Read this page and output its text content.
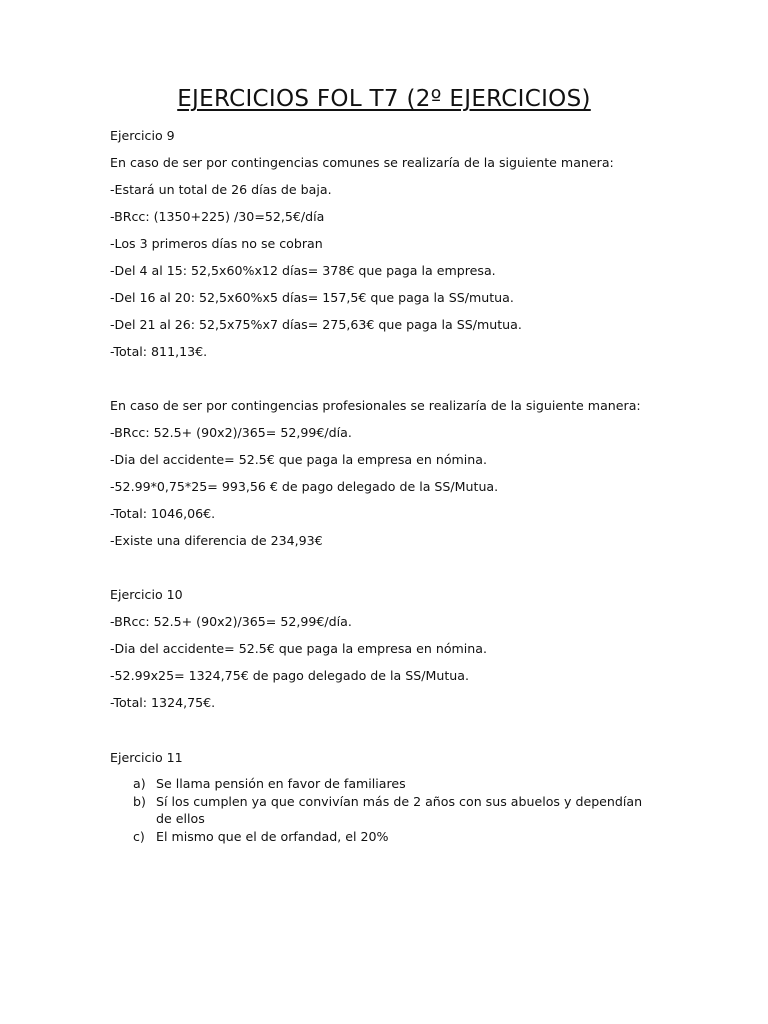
EJERCICIOS FOL T7 (2º EJERCICIOS)
Ejercicio 9
En caso de ser por contingencias comunes se realizaría de la siguiente manera:
-Estará un total de 26 días de baja.
-BRcc: (1350+225) /30=52,5€/día
-Los 3 primeros días no se cobran
-Del 4 al 15: 52,5x60%x12 días= 378€ que paga la empresa.
-Del 16 al 20: 52,5x60%x5 días= 157,5€ que paga la SS/mutua.
-Del 21 al 26: 52,5x75%x7 días= 275,63€ que paga la SS/mutua.
-Total: 811,13€.
En caso de ser por contingencias profesionales se realizaría de la siguiente manera:
-BRcc: 52.5+ (90x2)/365= 52,99€/día.
-Dia del accidente= 52.5€ que paga la empresa en nómina.
-52.99*0,75*25= 993,56 € de pago delegado de la SS/Mutua.
-Total: 1046,06€.
-Existe una diferencia de 234,93€
Ejercicio 10
-BRcc: 52.5+ (90x2)/365= 52,99€/día.
-Dia del accidente= 52.5€ que paga la empresa en nómina.
-52.99x25= 1324,75€ de pago delegado de la SS/Mutua.
-Total: 1324,75€.
Ejercicio 11
a) Se llama pensión en favor de familiares
b) Sí los cumplen ya que convivían más de 2 años con sus abuelos y dependían
de ellos
c) El mismo que el de orfandad, el 20%
